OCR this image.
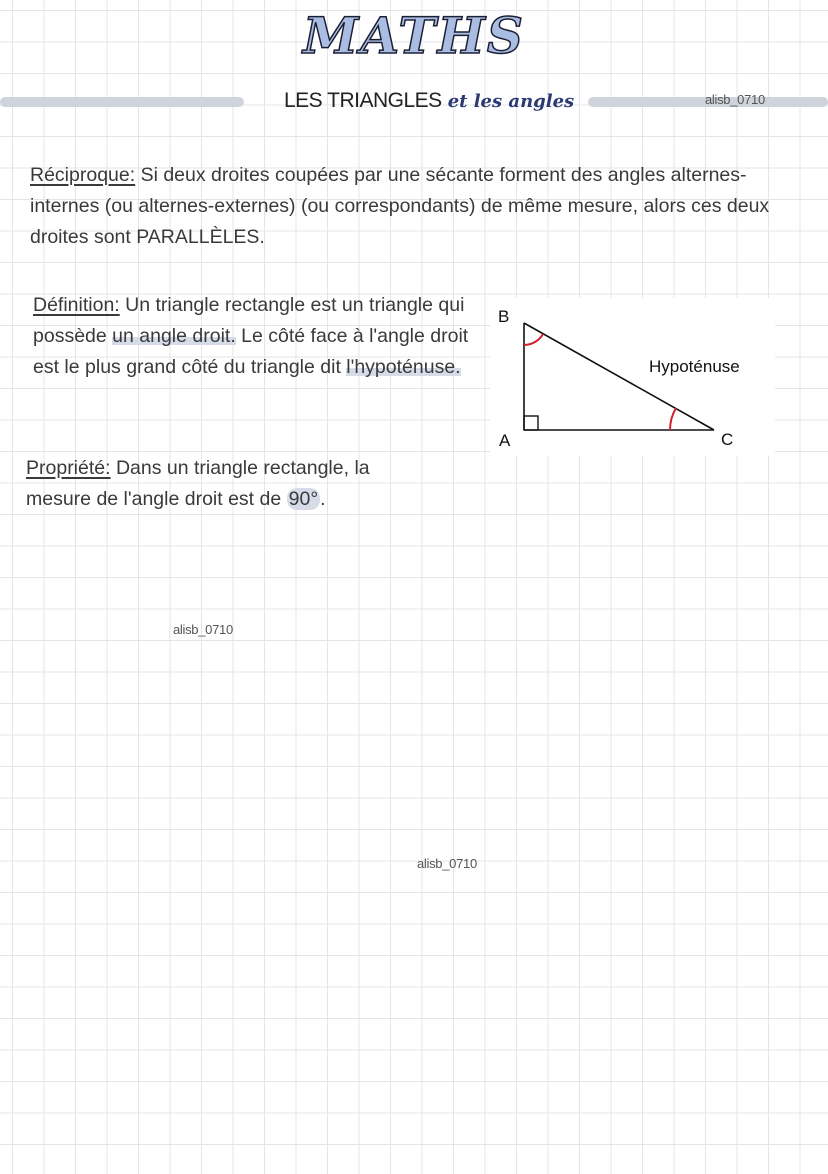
MATHS
LES TRIANGLES et les angles	alisb_0710
Réciproque: Si deux droites coupées par une sécante forment des angles alternes-internes (ou alternes-externes) (ou correspondants) de même mesure, alors ces deux droites sont PARALLÈLES.
Définition: Un triangle rectangle est un triangle qui possède un angle droit. Le côté face à l'angle droit est le plus grand côté du triangle dit l'hypoténuse.
B
A	C
Hypoténuse
Propriété: Dans un triangle rectangle, la mesure de l'angle droit est de 90° .
alisb_0710
alisb_0710
